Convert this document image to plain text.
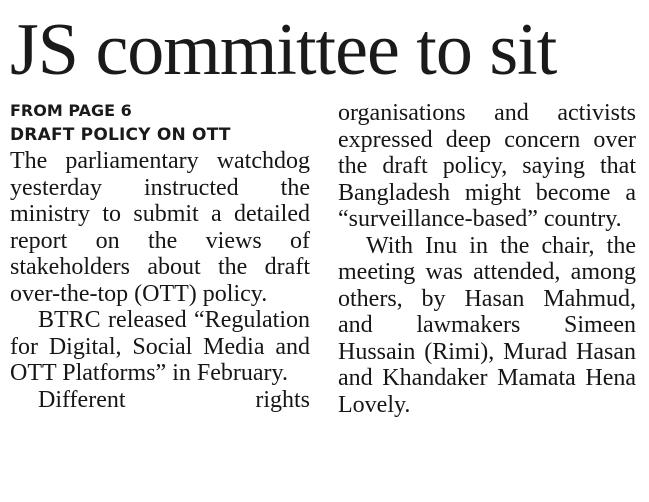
JS committee to sit

FROM PAGE 6

DRAFT POLICY ON OTT

The parliamentary watchdog yesterday instructed the ministry to submit a detailed report on the views of stakeholders about the draft over-the-top (OTT) policy.

BTRC released “Regulation for Digital, Social Media and OTT Platforms” in February.

Different rights

organisations and activists expressed deep concern over the draft policy, saying that Bangladesh might become a “surveillance-based” country.

With Inu in the chair, the meeting was attended, among others, by Hasan Mahmud, and lawmakers Simeen Hussain (Rimi), Murad Hasan and Khandaker Mamata Hena Lovely.
